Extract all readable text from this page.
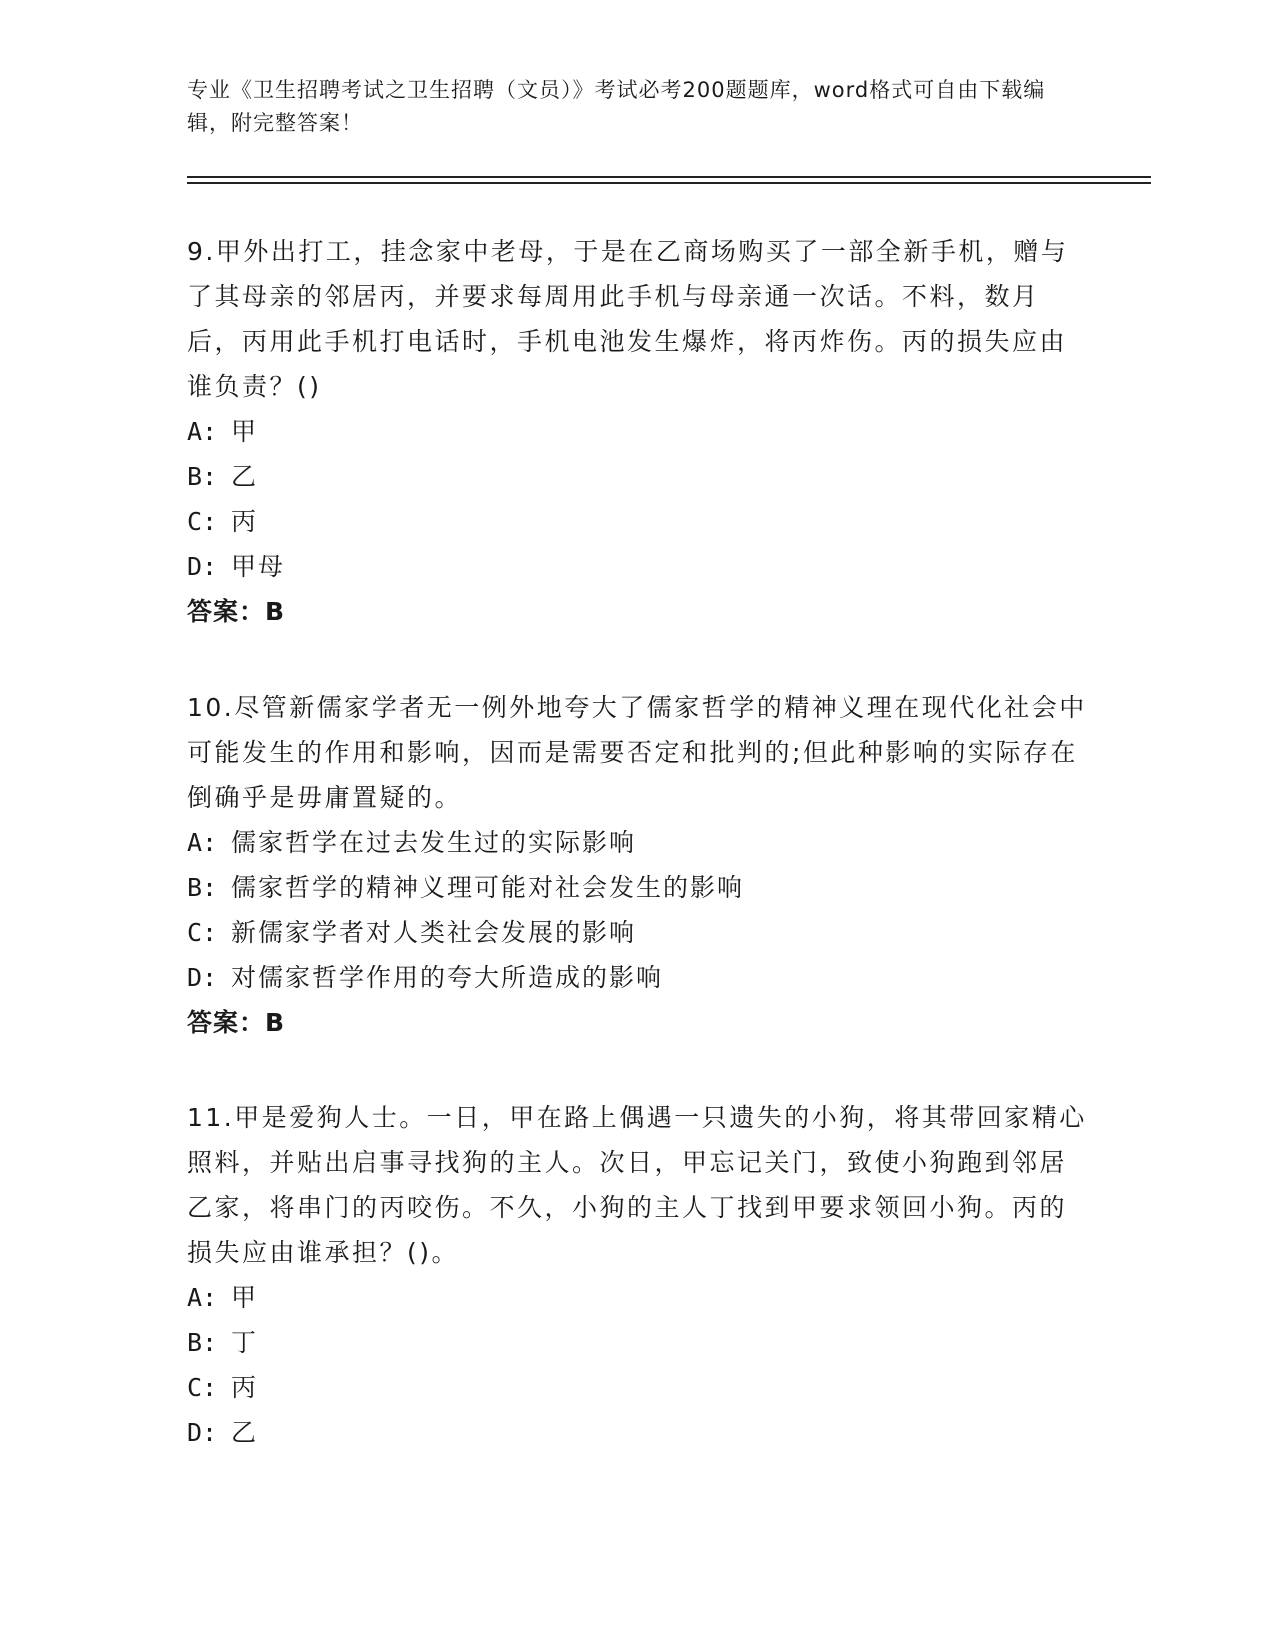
专业《卫生招聘考试之卫生招聘（文员）》考试必考200题题库，word格式可自由下载编辑，附完整答案！

9.甲外出打工，挂念家中老母，于是在乙商场购买了一部全新手机，赠与了其母亲的邻居丙，并要求每周用此手机与母亲通一次话。不料，数月后，丙用此手机打电话时，手机电池发生爆炸，将丙炸伤。丙的损失应由谁负责？()

A: 甲

B: 乙

C: 丙

D: 甲母

答案：B

10.尽管新儒家学者无一例外地夸大了儒家哲学的精神义理在现代化社会中可能发生的作用和影响，因而是需要否定和批判的;但此种影响的实际存在倒确乎是毋庸置疑的。

A: 儒家哲学在过去发生过的实际影响

B: 儒家哲学的精神义理可能对社会发生的影响

C: 新儒家学者对人类社会发展的影响

D: 对儒家哲学作用的夸大所造成的影响

答案：B

11.甲是爱狗人士。一日，甲在路上偶遇一只遗失的小狗，将其带回家精心照料，并贴出启事寻找狗的主人。次日，甲忘记关门，致使小狗跑到邻居乙家，将串门的丙咬伤。不久，小狗的主人丁找到甲要求领回小狗。丙的损失应由谁承担？()。

A: 甲

B: 丁

C: 丙

D: 乙
